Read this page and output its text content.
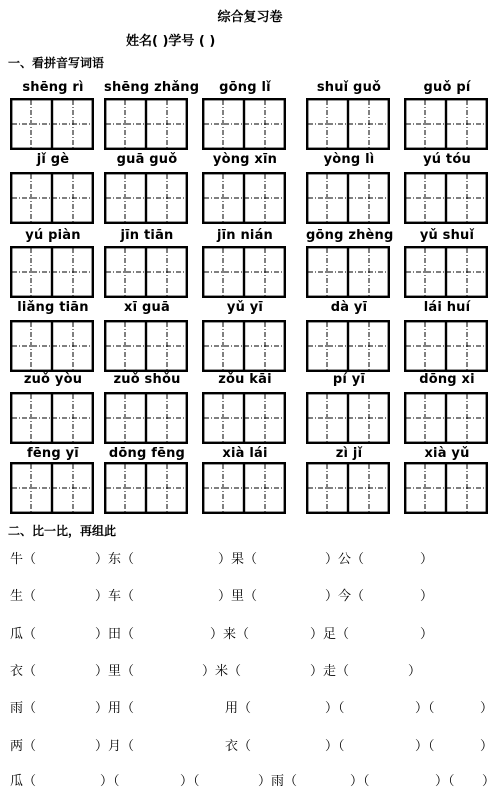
综合复习卷
姓名( )学号 ( )
一、看拼音写词语
shēng rì	shēng zhǎng	gōng lǐ	shuǐ guǒ	guǒ pí
jǐ gè	guā guǒ	yòng xīn	yòng lì	yú tóu
yú piàn	jīn tiān	jīn nián	gōng zhèng	yǔ shuǐ
liǎng tiān	xī guā	yǔ yī	dà yī	lái huí
zuǒ yòu	zuǒ shǒu	zǒu kāi	pí yī	dōng xi
fēng yī	dōng fēng	xià lái	zì jǐ	xià yǔ
二、比一比，再组此
牛（	）东（	）果（	）公（	）
生（	）车（	）里（	）今（	）
瓜（	）田（	）来（	）足（	）
衣（	）里（	）米（	）走（	）
雨（	）用（	用（	）（	）（	）
两（	）月（	衣（	）（	）（	）
瓜（	）（	）（	）雨（	）（	）（ ）
